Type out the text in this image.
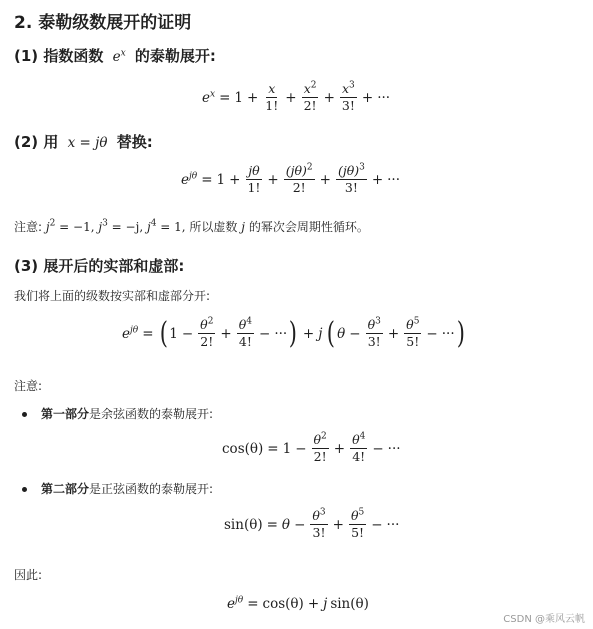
2. 泰勒级数展开的证明
(1) 指数函数 $e^x$ 的泰勒展开:
$e^x = 1 + \frac{x}{1!} + \frac{x^2}{2!} + \frac{x^3}{3!}$ + ···
(2) 用 x = jθ 替换:
$e^{j\theta} = 1 + \frac{j\theta}{1!} + \frac{(j\theta)^2}{2!} + \frac{(j\theta)^3}{3!}$ + ···

注意: $j^2 = -1$, $j^3 = -j$, $j^4 = 1$, 所以虚数 j 的幂次会周期性循环。

(3) 展开后的实部和虚部:

我们将上面的级数按实部和虚部分开:

$e^{j\theta}$ = ( $1 - \frac{\theta^2}{2!} + \frac{\theta^4}{4!}$ − ··· ) + j ( $\theta - \frac{\theta^3}{3!} + \frac{\theta^5}{5!}$ − ··· )

注意:

第一部分是余弦函数的泰勒展开:
$\cos(\theta) = 1 - \frac{\theta^2}{2!} + \frac{\theta^4}{4!}$ − ···
第二部分是正弦函数的泰勒展开:
$\sin(\theta) = \theta - \frac{\theta^3}{3!} + \frac{\theta^5}{5!}$ − ···

因此:

$e^{j\theta} = \cos(\theta) + j$ sin(θ)
CSDN @乘风云帆
